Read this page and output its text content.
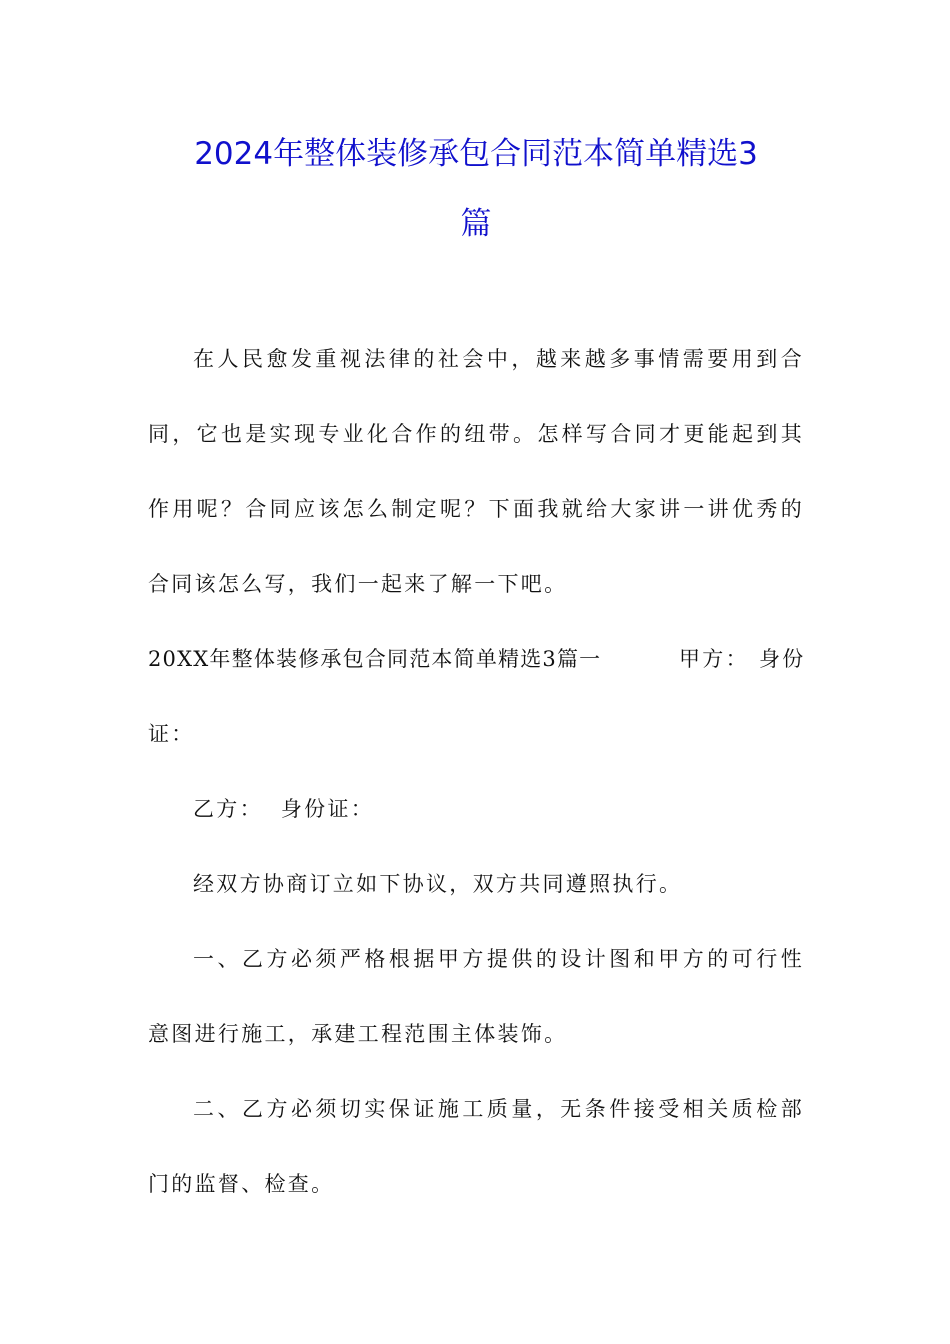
2024年整体装修承包合同范本简单精选3
篇
在人民愈发重视法律的社会中，越来越多事情需要用到合
同，它也是实现专业化合作的纽带。怎样写合同才更能起到其
作用呢？合同应该怎么制定呢？下面我就给大家讲一讲优秀的
合同该怎么写，我们一起来了解一下吧。
20XX年整体装修承包合同范本简单精选3篇一	甲方： 身份
证：
乙方：  身份证：
经双方协商订立如下协议，双方共同遵照执行。
一、乙方必须严格根据甲方提供的设计图和甲方的可行性
意图进行施工，承建工程范围主体装饰。
二、乙方必须切实保证施工质量，无条件接受相关质检部
门的监督、检查。
